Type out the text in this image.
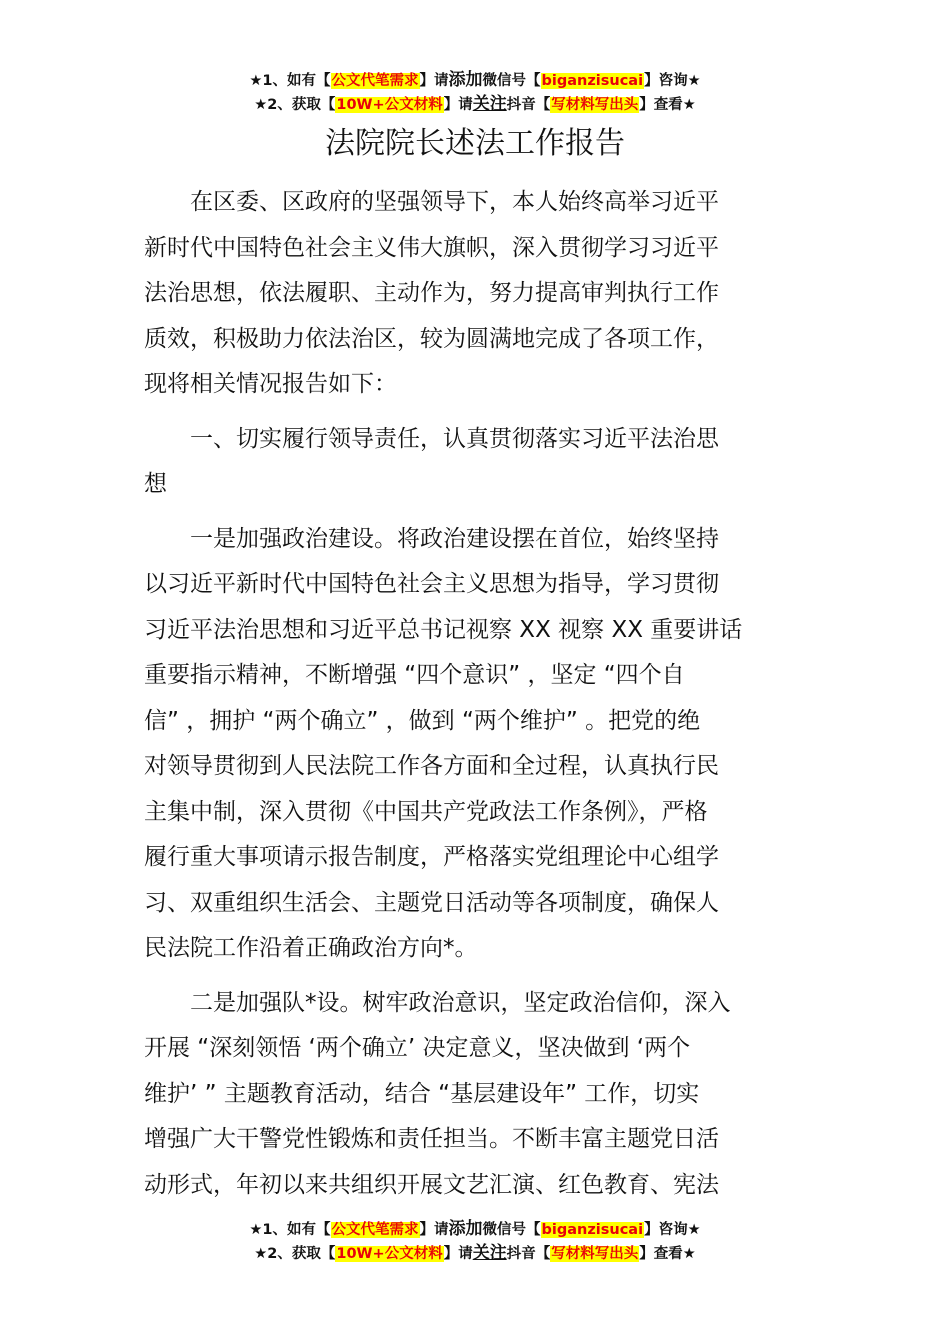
★1、如有【公文代笔需求】请添加微信号【biganzisucai】咨询★
★2、获取【10W+公文材料】请关注抖音【写材料写出头】查看★
法院院长述法工作报告
在区委、区政府的坚强领导下，本人始终高举习近平
新时代中国特色社会主义伟大旗帜，深入贯彻学习习近平
法治思想，依法履职、主动作为，努力提高审判执行工作
质效，积极助力依法治区，较为圆满地完成了各项工作，
现将相关情况报告如下：
一、切实履行领导责任，认真贯彻落实习近平法治思
想
一是加强政治建设。将政治建设摆在首位，始终坚持
以习近平新时代中国特色社会主义思想为指导，学习贯彻
习近平法治思想和习近平总书记视察 XX 视察 XX 重要讲话
重要指示精神，不断增强 “四个意识” ，坚定 “四个自
信” ，拥护 “两个确立” ，做到 “两个维护” 。把党的绝
对领导贯彻到人民法院工作各方面和全过程，认真执行民
主集中制，深入贯彻《中国共产党政法工作条例》，严格
履行重大事项请示报告制度，严格落实党组理论中心组学
习、双重组织生活会、主题党日活动等各项制度，确保人
民法院工作沿着正确政治方向*。
二是加强队*设。树牢政治意识，坚定政治信仰，深入
开展 “深刻领悟 ‘两个确立’ 决定意义，坚决做到 ‘两个
维护’ ” 主题教育活动，结合 “基层建设年” 工作，切实
增强广大干警党性锻炼和责任担当。不断丰富主题党日活
动形式，年初以来共组织开展文艺汇演、红色教育、宪法
★1、如有【公文代笔需求】请添加微信号【biganzisucai】咨询★
★2、获取【10W+公文材料】请关注抖音【写材料写出头】查看★
